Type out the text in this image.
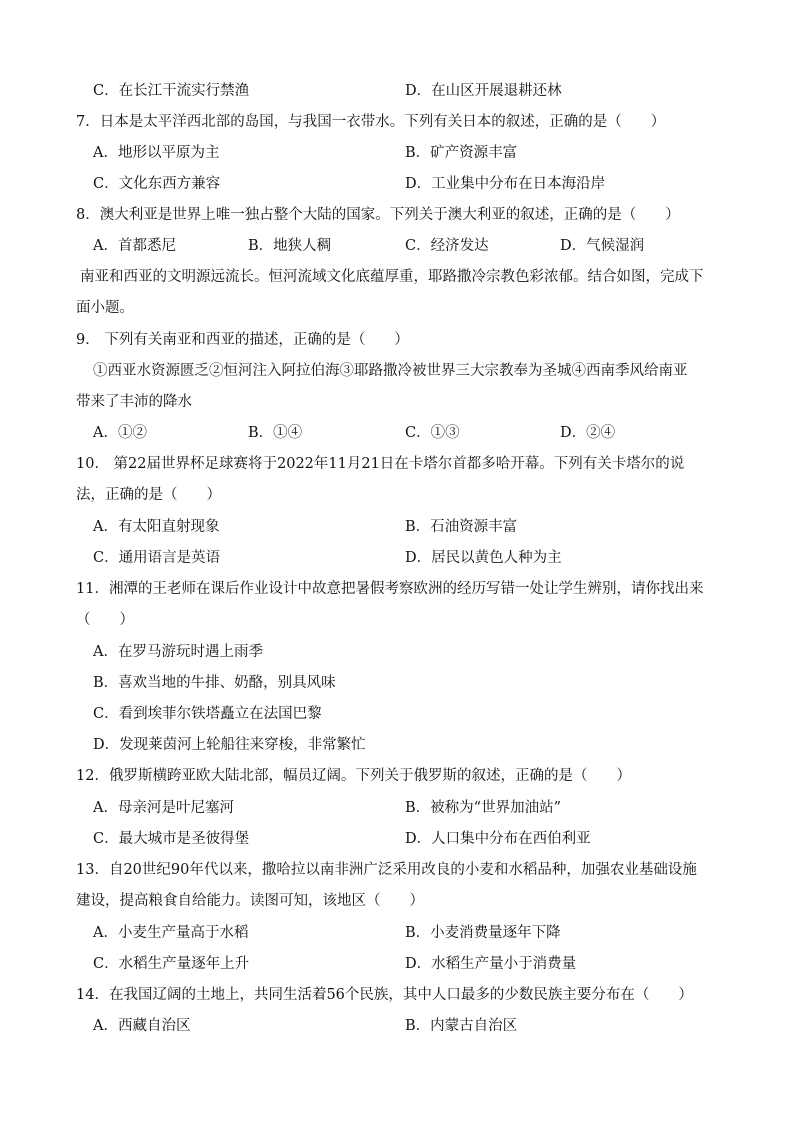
C．在长江干流实行禁渔	D．在山区开展退耕还林
7．日本是太平洋西北部的岛国，与我国一衣带水。下列有关日本的叙述，正确的是（　　）
A．地形以平原为主	B．矿产资源丰富
C．文化东西方兼容	D．工业集中分布在日本海沿岸
8．澳大利亚是世界上唯一独占整个大陆的国家。下列关于澳大利亚的叙述，正确的是（　　）
A．首都悉尼	B．地狭人稠	C．经济发达	D．气候湿润
南亚和西亚的文明源远流长。恒河流域文化底蕴厚重，耶路撒冷宗教色彩浓郁。结合如图，完成下
面小题。
9． 下列有关南亚和西亚的描述，正确的是（　　）
①西亚水资源匮乏②恒河注入阿拉伯海③耶路撒冷被世界三大宗教奉为圣城④西南季风给南亚
带来了丰沛的降水
A．①②	B．①④	C．①③	D．②④
10． 第22届世界杯足球赛将于2022年11月21日在卡塔尔首都多哈开幕。下列有关卡塔尔的说
法，正确的是（　　）
A．有太阳直射现象	B．石油资源丰富
C．通用语言是英语	D．居民以黄色人种为主
11．湘潭的王老师在课后作业设计中故意把暑假考察欧洲的经历写错一处让学生辨别，请你找出来
（　　）
A．在罗马游玩时遇上雨季
B．喜欢当地的牛排、奶酪，别具风味
C．看到埃菲尔铁塔矗立在法国巴黎
D．发现莱茵河上轮船往来穿梭，非常繁忙
12．俄罗斯横跨亚欧大陆北部，幅员辽阔。下列关于俄罗斯的叙述，正确的是（　　）
A．母亲河是叶尼塞河	B．被称为“世界加油站”
C．最大城市是圣彼得堡	D．人口集中分布在西伯利亚
13．自20世纪90年代以来，撒哈拉以南非洲广泛采用改良的小麦和水稻品种，加强农业基础设施
建设，提高粮食自给能力。读图可知，该地区（　　）
A．小麦生产量高于水稻	B．小麦消费量逐年下降
C．水稻生产量逐年上升	D．水稻生产量小于消费量
14．在我国辽阔的土地上，共同生活着56个民族，其中人口最多的少数民族主要分布在（　　）
A．西藏自治区	B．内蒙古自治区
